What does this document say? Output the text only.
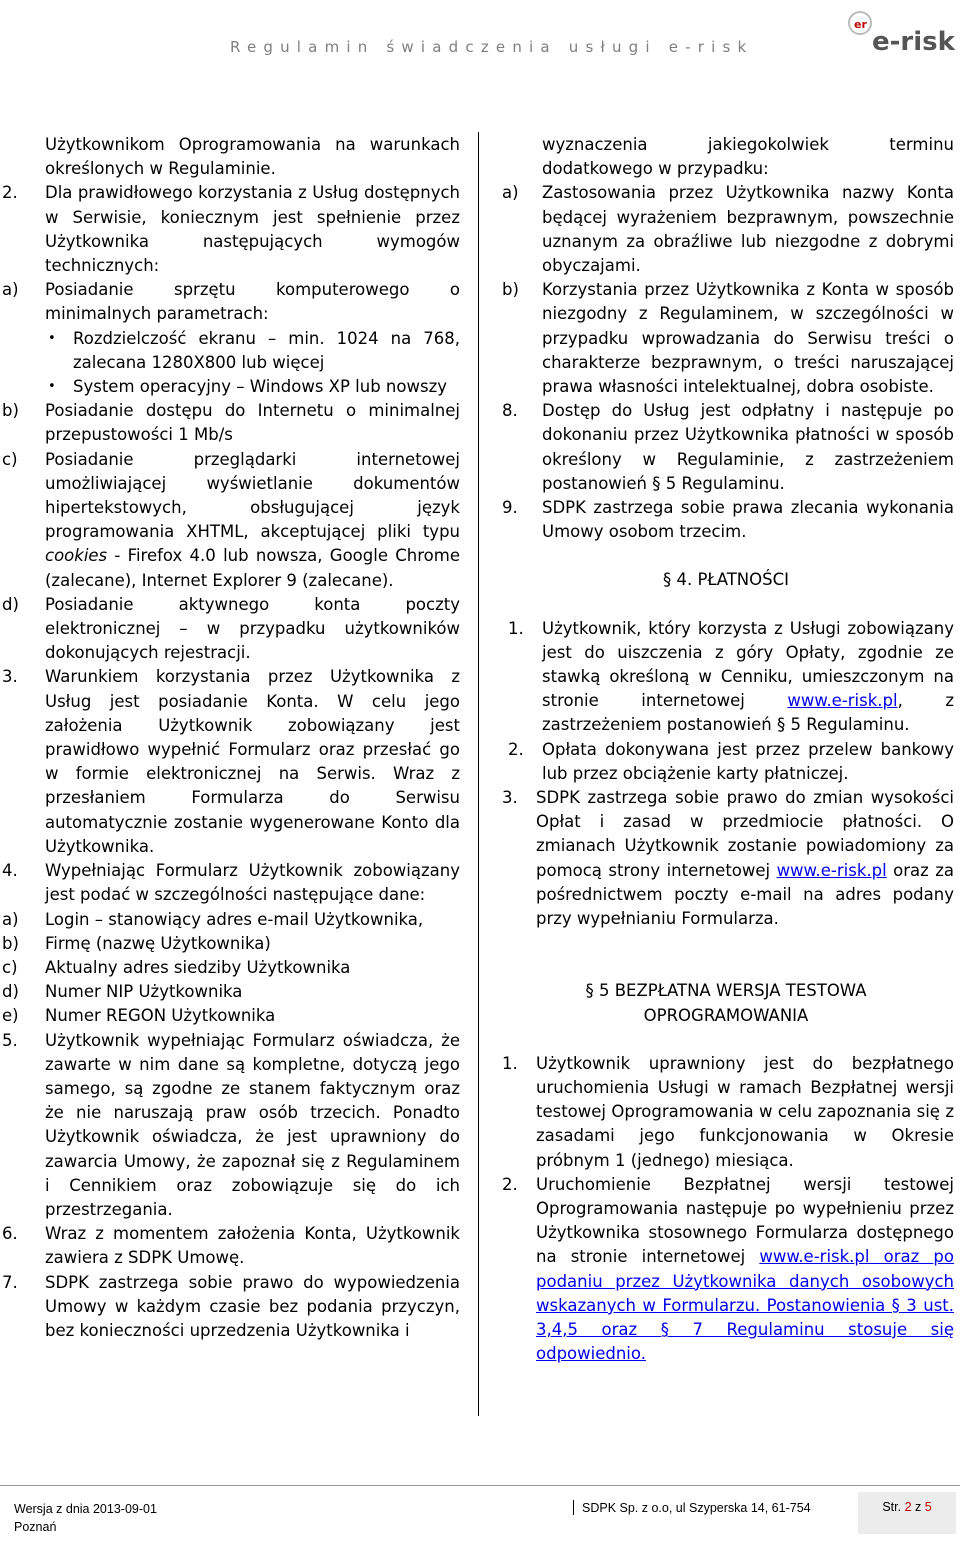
Regulamin świadczenia usługi e-risk
er
e-risk
Użytkownikom Oprogramowania na warunkach określonych w Regulaminie.
2. Dla prawidłowego korzystania z Usług dostępnych w Serwisie, koniecznym jest spełnienie przez Użytkownika następujących wymogów technicznych:
a) Posiadanie sprzętu komputerowego o minimalnych parametrach:
• Rozdzielczość ekranu – min. 1024 na 768, zalecana 1280X800 lub więcej
• System operacyjny – Windows XP lub nowszy
b) Posiadanie dostępu do Internetu o minimalnej przepustowości 1 Mb/s
c) Posiadanie przeglądarki internetowej umożliwiającej wyświetlanie dokumentów hipertekstowych, obsługującej język programowania XHTML, akceptującej pliki typu cookies - Firefox 4.0 lub nowsza, Google Chrome (zalecane), Internet Explorer 9 (zalecane).
d) Posiadanie aktywnego konta poczty elektronicznej – w przypadku użytkowników dokonujących rejestracji.
3. Warunkiem korzystania przez Użytkownika z Usług jest posiadanie Konta. W celu jego założenia Użytkownik zobowiązany jest prawidłowo wypełnić Formularz oraz przesłać go w formie elektronicznej na Serwis. Wraz z przesłaniem Formularza do Serwisu automatycznie zostanie wygenerowane Konto dla Użytkownika.
4. Wypełniając Formularz Użytkownik zobowiązany jest podać w szczególności następujące dane:
a) Login – stanowiący adres e-mail Użytkownika,
b) Firmę (nazwę Użytkownika)
c) Aktualny adres siedziby Użytkownika
d) Numer NIP Użytkownika
e) Numer REGON Użytkownika
5. Użytkownik wypełniając Formularz oświadcza, że zawarte w nim dane są kompletne, dotyczą jego samego, są zgodne ze stanem faktycznym oraz że nie naruszają praw osób trzecich. Ponadto Użytkownik oświadcza, że jest uprawniony do zawarcia Umowy, że zapoznał się z Regulaminem i Cennikiem oraz zobowiązuje się do ich przestrzegania.
6. Wraz z momentem założenia Konta, Użytkownik zawiera z SDPK Umowę.
7. SDPK zastrzega sobie prawo do wypowiedzenia Umowy w każdym czasie bez podania przyczyn, bez konieczności uprzedzenia Użytkownika i
wyznaczenia jakiegokolwiek terminu dodatkowego w przypadku:
a) Zastosowania przez Użytkownika nazwy Konta będącej wyrażeniem bezprawnym, powszechnie uznanym za obraźliwe lub niezgodne z dobrymi obyczajami.
b) Korzystania przez Użytkownika z Konta w sposób niezgodny z Regulaminem, w szczególności w przypadku wprowadzania do Serwisu treści o charakterze bezprawnym, o treści naruszającej prawa własności intelektualnej, dobra osobiste.
8. Dostęp do Usług jest odpłatny i następuje po dokonaniu przez Użytkownika płatności w sposób określony w Regulaminie, z zastrzeżeniem postanowień § 5 Regulaminu.
9. SDPK zastrzega sobie prawa zlecania wykonania Umowy osobom trzecim.
§ 4. PŁATNOŚCI
1. Użytkownik, który korzysta z Usługi zobowiązany jest do uiszczenia z góry Opłaty, zgodnie ze stawką określoną w Cenniku, umieszczonym na stronie internetowej www.e-risk.pl, z zastrzeżeniem postanowień § 5 Regulaminu.
2. Opłata dokonywana jest przez przelew bankowy lub przez obciążenie karty płatniczej.
3. SDPK zastrzega sobie prawo do zmian wysokości Opłat i zasad w przedmiocie płatności. O zmianach Użytkownik zostanie powiadomiony za pomocą strony internetowej www.e-risk.pl oraz za pośrednictwem poczty e-mail na adres podany przy wypełnianiu Formularza.
§ 5 BEZPŁATNA WERSJA TESTOWA OPROGRAMOWANIA
1. Użytkownik uprawniony jest do bezpłatnego uruchomienia Usługi w ramach Bezpłatnej wersji testowej Oprogramowania w celu zapoznania się z zasadami jego funkcjonowania w Okresie próbnym 1 (jednego) miesiąca.
2. Uruchomienie Bezpłatnej wersji testowej Oprogramowania następuje po wypełnieniu przez Użytkownika stosownego Formularza dostępnego na stronie internetowej www.e-risk.pl oraz po podaniu przez Użytkownika danych osobowych wskazanych w Formularzu. Postanowienia § 3 ust. 3,4,5 oraz § 7 Regulaminu stosuje się odpowiednio.
Wersja z dnia 2013-09-01
Poznań
SDPK Sp. z o.o, ul Szyperska 14, 61-754	Str. 2 z 5
